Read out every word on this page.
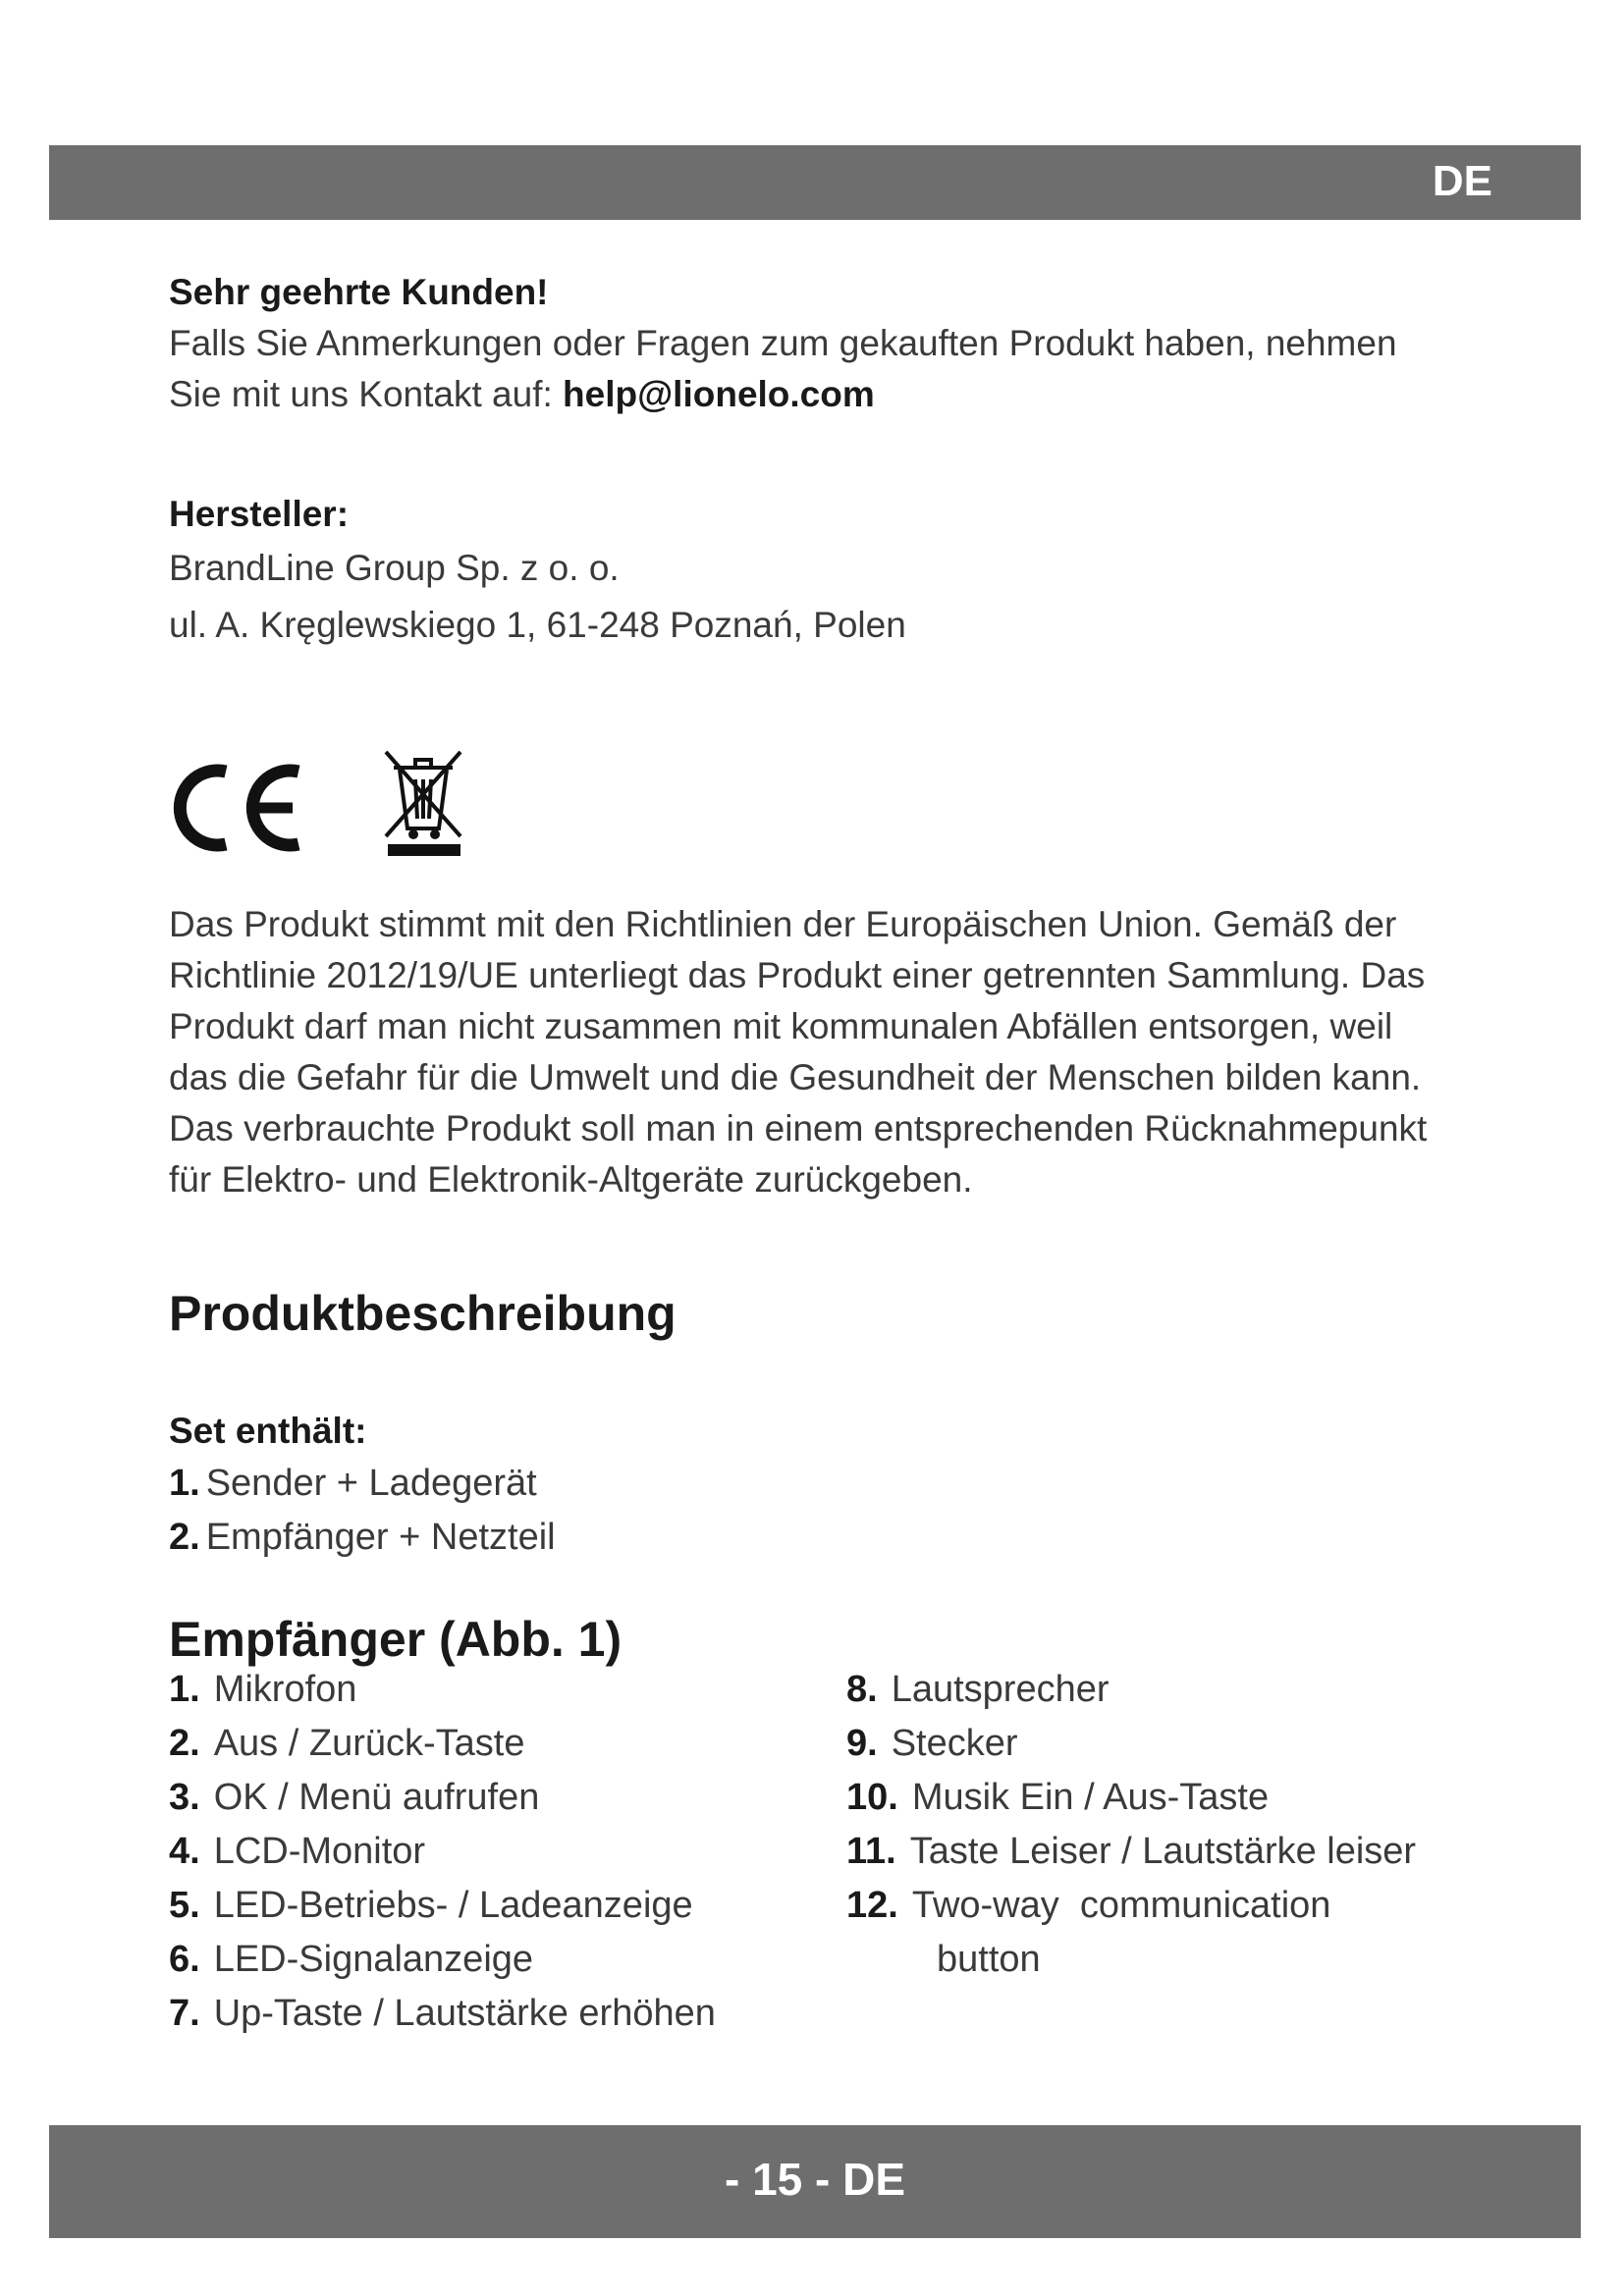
DE

Sehr geehrte Kunden!

Falls Sie Anmerkungen oder Fragen zum gekauften Produkt haben, nehmen

Sie mit uns Kontakt auf: help@lionelo.com

Hersteller:

BrandLine Group Sp. z o. o.

ul. A. Kręglewskiego 1, 61-248 Poznań, Polen

Das Produkt stimmt mit den Richtlinien der Europäischen Union. Gemäß der

Richtlinie 2012/19/UE unterliegt das Produkt einer getrennten Sammlung. Das

Produkt darf man nicht zusammen mit kommunalen Abfällen entsorgen, weil

das die Gefahr für die Umwelt und die Gesundheit der Menschen bilden kann.

Das verbrauchte Produkt soll man in einem entsprechenden Rücknahmepunkt

für Elektro- und Elektronik-Altgeräte zurückgeben.

Produktbeschreibung

Set enthält:

1. Sender + Ladegerät
2. Empfänger + Netzteil

Empfänger (Abb. 1)

1. Mikrofon
2. Aus / Zurück-Taste
3. OK / Menü aufrufen
4. LCD-Monitor
5. LED-Betriebs- / Ladeanzeige
6. LED-Signalanzeige
7. Up-Taste / Lautstärke erhöhen
8. Lautsprecher
9. Stecker
10. Musik Ein / Aus-Taste
11. Taste Leiser / Lautstärke leiser
12. Two-way  communication
button
- 15 - DE
